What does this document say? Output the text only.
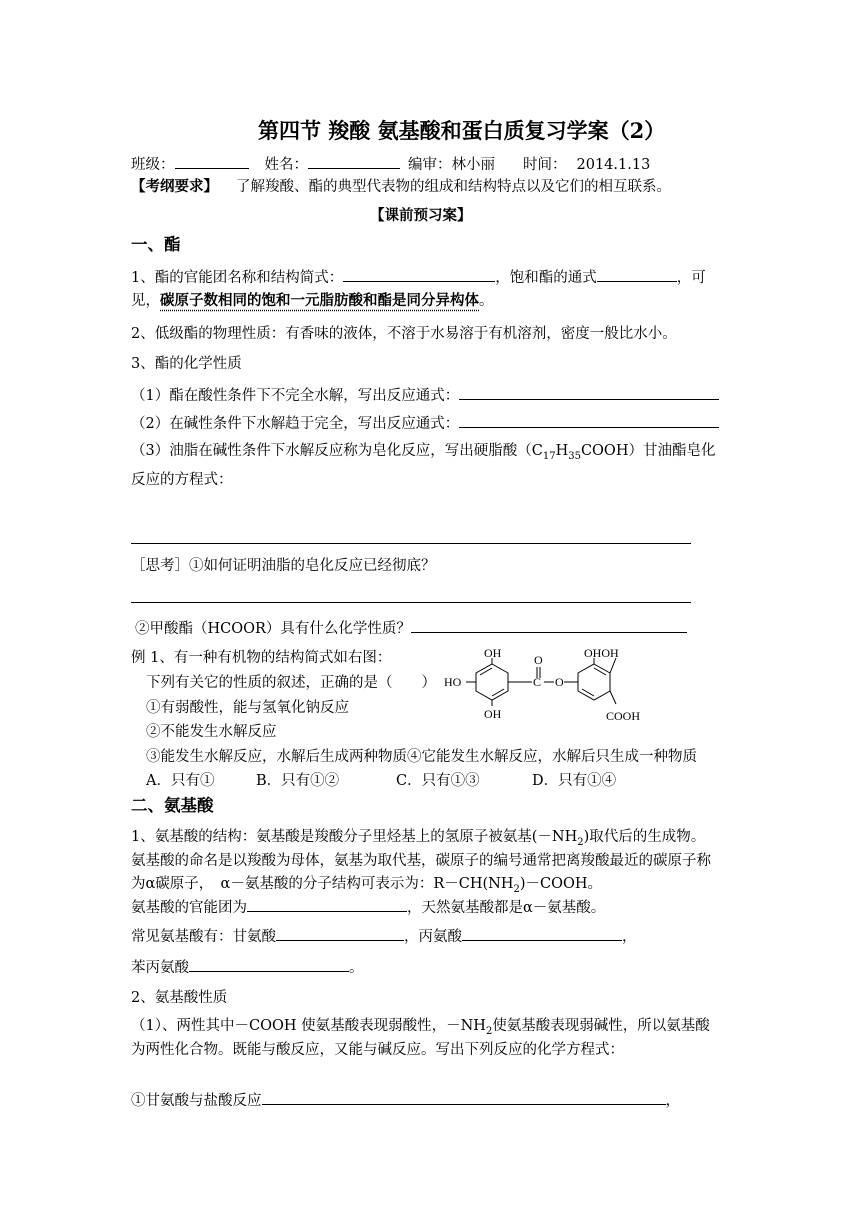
第四节 羧酸 氨基酸和蛋白质复习学案（2）
班级：	姓名：	编审：林小丽 时间： 2014.1.13
【考纲要求】 了解羧酸、酯的典型代表物的组成和结构特点以及它们的相互联系。
【课前预习案】
一、酯
1、酯的官能团名称和结构简式：	，饱和酯的通式	，可
见，碳原子数相同的饱和一元脂肪酸和酯是同分异构体。
2、低级酯的物理性质：有香味的液体，不溶于水易溶于有机溶剂，密度一般比水小。
3、酯的化学性质
（1）酯在酸性条件下不完全水解，写出反应通式：
（2）在碱性条件下水解趋于完全，写出反应通式：
（3）油脂在碱性条件下水解反应称为皂化反应，写出硬脂酸$(C_{17}H_{35}COOH)$甘油酯皂化
反应的方程式：
［思考］①如何证明油脂的皂化反应已经彻底？
②甲酸酯（HCOOR）具有什么化学性质？
例 1、有一种有机物的结构简式如右图：
下列有关它的性质的叙述，正确的是（　　）
①有弱酸性，能与氢氧化钠反应
②不能发生水解反应
③能发生水解反应，水解后生成两种物质④它能发生水解反应，水解后只生成一种物质
A．只有①	B．只有①②	C．只有①③	D．只有①④
OH	O	OHOH
HO	C O
OH	COOH
二、氨基酸
1、氨基酸的结构：氨基酸是羧酸分子里烃基上的氢原子被氨基$(-NH_2)$取代后的生成物。
氨基酸的命名是以羧酸为母体，氨基为取代基，碳原子的编号通常把离羧酸最近的碳原子称
为α碳原子，　α－氨基酸的分子结构可表示为：$R-CH(NH_2)-COOH$。
氨基酸的官能团为	，天然氨基酸都是α－氨基酸。
常见氨基酸有：甘氨酸	，丙氨酸	，
苯丙氨酸	。
2、氨基酸性质
（1）、两性其中－COOH 使氨基酸表现弱酸性，$-NH_2$使氨基酸表现弱碱性，所以氨基酸
为两性化合物。既能与酸反应，又能与碱反应。写出下列反应的化学方程式：
①甘氨酸与盐酸反应	，
